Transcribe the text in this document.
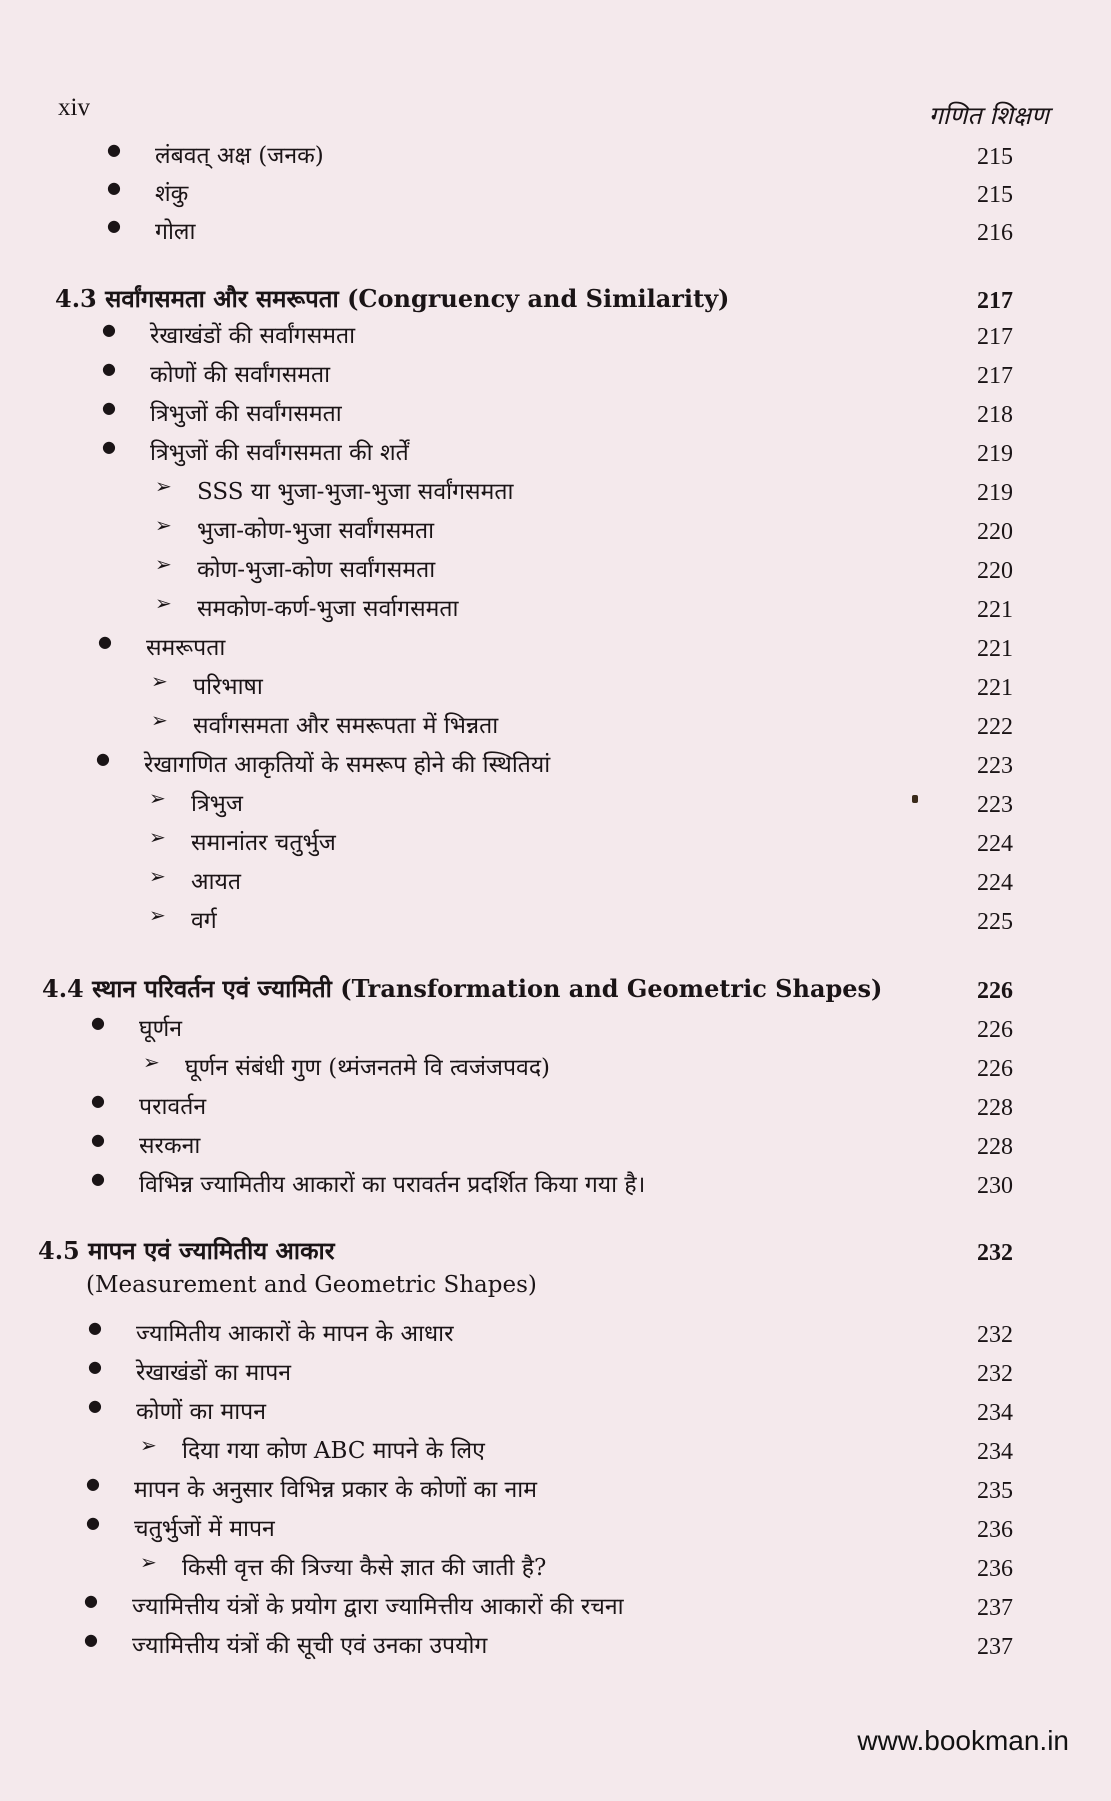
xiv	गणित शिक्षण
● लंबवत् अक्ष (जनक)	215
● शंकु	215
● गोला	216
4.3 सर्वांगसमता और समरूपता (Congruency and Similarity)	217
● रेखाखंडों की सर्वांगसमता	217
● कोणों की सर्वांगसमता	217
● त्रिभुजों की सर्वांगसमता	218
● त्रिभुजों की सर्वांगसमता की शर्तें	219
➢ SSS या भुजा-भुजा-भुजा सर्वांगसमता	219
➢ भुजा-कोण-भुजा सर्वांगसमता	220
➢ कोण-भुजा-कोण सर्वांगसमता	220
➢ समकोण-कर्ण-भुजा सर्वागसमता	221
● समरूपता	221
➢ परिभाषा	221
➢ सर्वांगसमता और समरूपता में भिन्नता	222
● रेखागणित आकृतियों के समरूप होने की स्थितियां	223
➢ त्रिभुज	223
➢ समानांतर चतुर्भुज	224
➢ आयत	224
➢ वर्ग	225
4.4 स्थान परिवर्तन एवं ज्यामिती (Transformation and Geometric Shapes)	226
● घूर्णन	226
➢ घूर्णन संबंधी गुण (थ्मंजनतमे वि त्वजंजपवद)	226
● परावर्तन	228
● सरकना	228
● विभिन्न ज्यामितीय आकारों का परावर्तन प्रदर्शित किया गया है।	230
4.5 मापन एवं ज्यामितीय आकार	232
(Measurement and Geometric Shapes)
● ज्यामितीय आकारों के मापन के आधार	232
● रेखाखंडों का मापन	232
● कोणों का मापन	234
➢ दिया गया कोण ABC मापने के लिए	234
● मापन के अनुसार विभिन्न प्रकार के कोणों का नाम	235
● चतुर्भुजों में मापन	236
➢ किसी वृत्त की त्रिज्या कैसे ज्ञात की जाती है?	236
● ज्यामित्तीय यंत्रों के प्रयोग द्वारा ज्यामित्तीय आकारों की रचना	237
● ज्यामित्तीय यंत्रों की सूची एवं उनका उपयोग	237
www.bookman.in
